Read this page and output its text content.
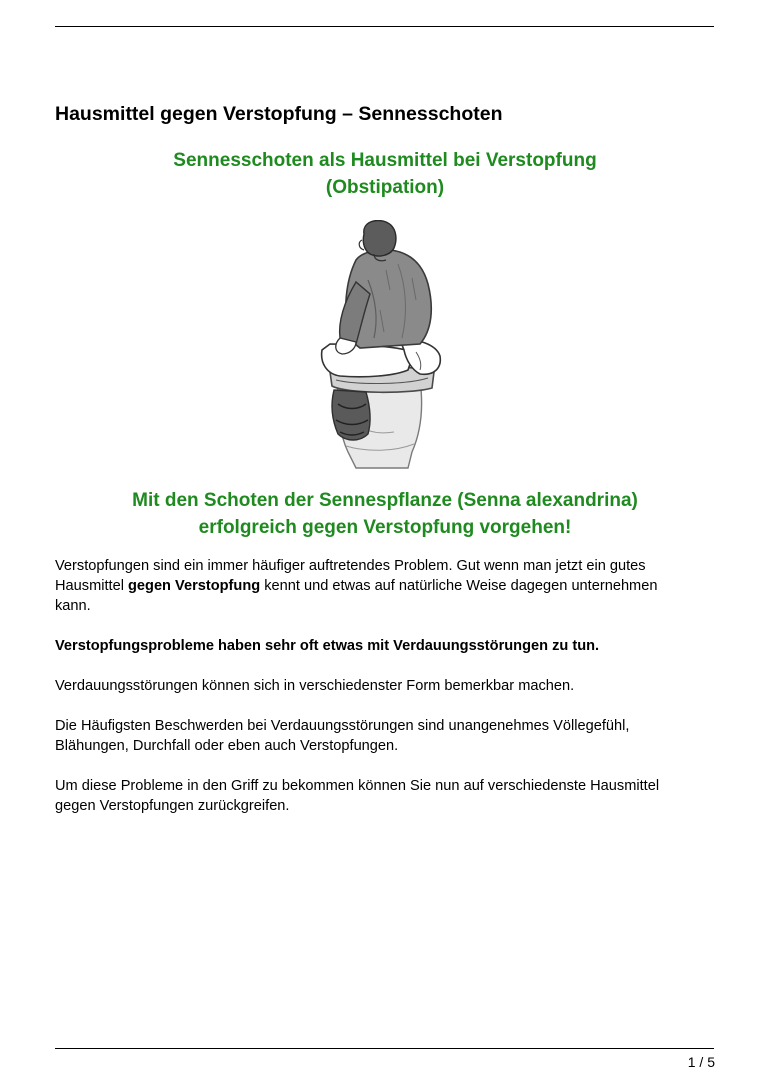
Hausmittel gegen Verstopfung – Sennesschoten
Sennesschoten als Hausmittel bei Verstopfung
(Obstipation)
Mit den Schoten der Sennespflanze (Senna alexandrina)
erfolgreich gegen Verstopfung vorgehen!

Verstopfungen sind ein immer häufiger auftretendes Problem. Gut wenn man jetzt ein gutes
Hausmittel gegen Verstopfung kennt und etwas auf natürliche Weise dagegen unternehmen
kann.

Verstopfungsprobleme haben sehr oft etwas mit Verdauungsstörungen zu tun.

Verdauungsstörungen können sich in verschiedenster Form bemerkbar machen.

Die Häufigsten Beschwerden bei Verdauungsstörungen sind unangenehmes Völlegefühl,
Blähungen, Durchfall oder eben auch Verstopfungen.

Um diese Probleme in den Griff zu bekommen können Sie nun auf verschiedenste Hausmittel
gegen Verstopfungen zurückgreifen.

1 / 5
